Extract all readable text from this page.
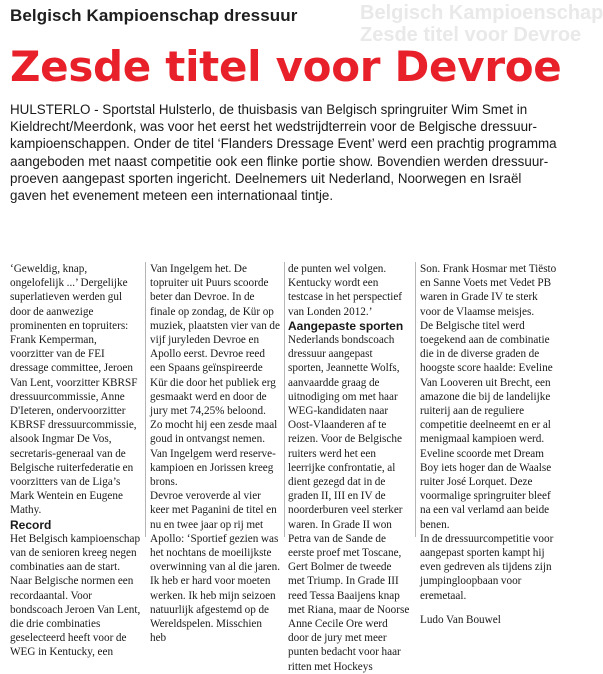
Belgisch Kampioenschap
Zesde titel voor Devroe
Belgisch Kampioenschap dressuur
Zesde titel voor Devroe

HULSTERLO - Sportstal Hulsterlo, de thuisbasis van Belgisch springruiter Wim Smet in Kieldrecht/Meerdonk, was voor het eerst het wedstrijdterrein voor de Belgische dressuur-kampioenschappen. Onder de titel ‘Flanders Dressage Event’ werd een prachtig programma aangeboden met naast competitie ook een flinke portie show. Bovendien werden dressuur-proeven aangepast sporten ingericht. Deelnemers uit Nederland, Noorwegen en Israël gaven het evenement meteen een internationaal tintje.

‘Geweldig, knap, ongelofelijk ...’ Dergelijke superlatieven werden gul door de aanwezige prominenten en topruiters: Frank Kemperman, voorzitter van de FEI dressage committee, Jeroen Van Lent, voorzitter KBRSF dressuurcommissie, Anne D'Ieteren, ondervoorzitter KBRSF dressuurcommissie, alsook Ingmar De Vos, secretaris-generaal van de Belgische ruiterfederatie en voorzitters van de Liga’s Mark Wentein en Eugene Mathy.

Record

Het Belgisch kampioenschap van de senioren kreeg negen combinaties aan de start. Naar Belgische normen een recordaantal. Voor bondscoach Jeroen Van Lent, die drie combinaties geselecteerd heeft voor de WEG in Kentucky, een

Van Ingelgem het. De topruiter uit Puurs scoorde beter dan Devroe. In de finale op zondag, de Kür op muziek, plaatsten vier van de vijf juryleden Devroe en Apollo eerst. Devroe reed een Spaans geïnspireerde Kür die door het publiek erg gesmaakt werd en door de jury met 74,25% beloond. Zo mocht hij een zesde maal goud in ontvangst nemen. Van Ingelgem werd reserve-kampioen en Jorissen kreeg brons.

Devroe veroverde al vier keer met Paganini de titel en nu en twee jaar op rij met Apollo: ‘Sportief gezien was het nochtans de moeilijkste overwinning van al die jaren. Ik heb er hard voor moeten werken. Ik heb mijn seizoen natuurlijk afgestemd op de Wereldspelen. Misschien heb

de punten wel volgen. Kentucky wordt een testcase in het perspectief van Londen 2012.’

Aangepaste sporten

Nederlands bondscoach dressuur aangepast sporten, Jeannette Wolfs, aanvaardde graag de uitnodiging om met haar WEG-kandidaten naar Oost-Vlaanderen af te reizen. Voor de Belgische ruiters werd het een leerrijke confrontatie, al dient gezegd dat in de graden II, III en IV de noorderburen veel sterker waren. In Grade II won Petra van de Sande de eerste proef met Toscane, Gert Bolmer de tweede met Triump. In Grade III reed Tessa Baaijens knap met Riana, maar de Noorse Anne Cecile Ore werd door de jury met meer punten bedacht voor haar ritten met Hockeys

Son. Frank Hosmar met Tiësto en Sanne Voets met Vedet PB waren in Grade IV te sterk voor de Vlaamse meisjes.

De Belgische titel werd toegekend aan de combinatie die in de diverse graden de hoogste score haalde: Eveline Van Looveren uit Brecht, een amazone die bij de landelijke ruiterij aan de reguliere competitie deelneemt en er al menigmaal kampioen werd. Eveline scoorde met Dream Boy iets hoger dan de Waalse ruiter José Lorquet. Deze voormalige springruiter bleef na een val verlamd aan beide benen.

In de dressuurcompetitie voor aangepast sporten kampt hij even gedreven als tijdens zijn jumpingloopbaan voor eremetaal.

Ludo Van Bouwel
